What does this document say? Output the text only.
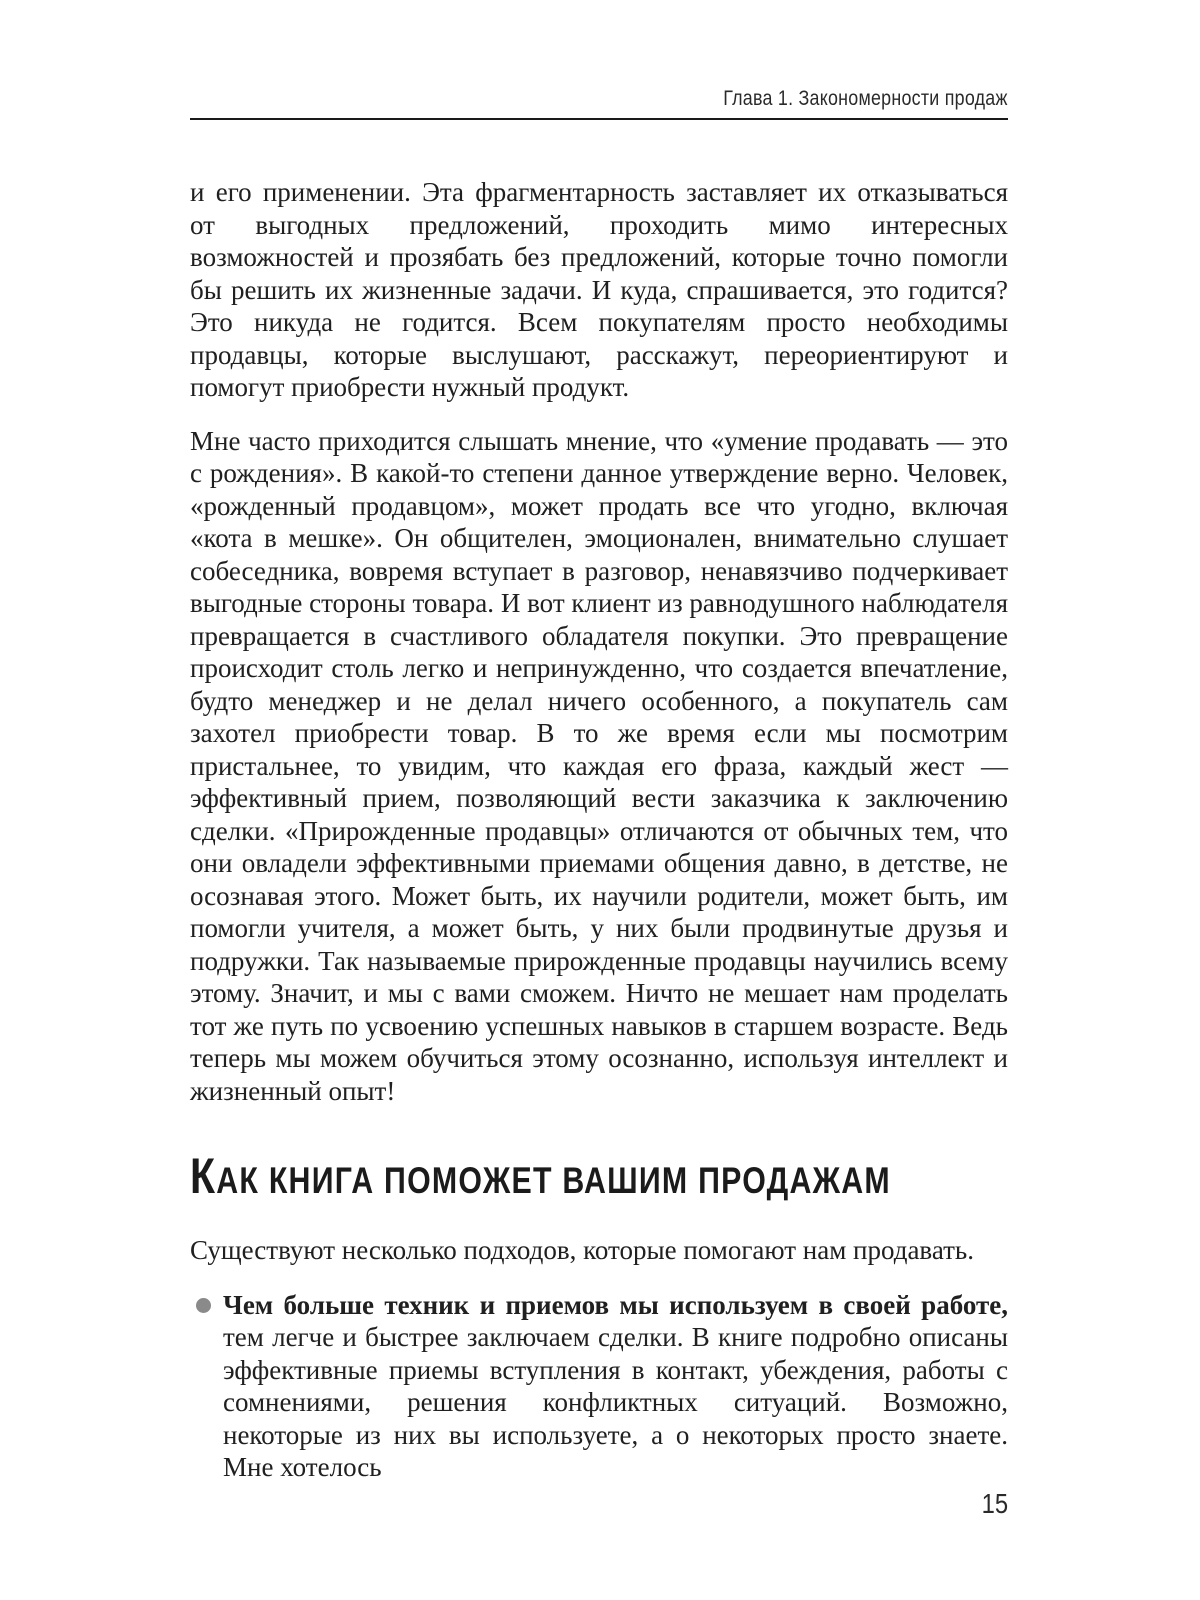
Глава 1. Закономерности продаж

и его применении. Эта фрагментарность заставляет их отказываться от выгодных предложений, проходить мимо интересных возможностей и прозябать без предложений, которые точно помогли бы решить их жизненные задачи. И куда, спрашивается, это годится? Это никуда не годится. Всем покупателям просто необходимы продавцы, которые выслушают, расскажут, переориентируют и помогут приобрести нужный продукт.

Мне часто приходится слышать мнение, что «умение продавать — это с рождения». В какой-то степени данное утверждение верно. Человек, «рожденный продавцом», может продать все что угодно, включая «кота в мешке». Он общителен, эмоционален, внимательно слушает собеседника, вовремя вступает в разговор, ненавязчиво подчеркивает выгодные стороны товара. И вот клиент из равнодушного наблюдателя превращается в счастливого обладателя покупки. Это превращение происходит столь легко и непринужденно, что создается впечатление, будто менеджер и не делал ничего особенного, а покупатель сам захотел приобрести товар. В то же время если мы посмотрим пристальнее, то увидим, что каждая его фраза, каждый жест — эффективный прием, позволяющий вести заказчика к заключению сделки. «Прирожденные продавцы» отличаются от обычных тем, что они овладели эффективными приемами общения давно, в детстве, не осознавая этого. Может быть, их научили родители, может быть, им помогли учителя, а может быть, у них были продвинутые друзья и подружки. Так называемые прирожденные продавцы научились всему этому. Значит, и мы с вами сможем. Ничто не мешает нам проделать тот же путь по усвоению успешных навыков в старшем возрасте. Ведь теперь мы можем обучиться этому осознанно, используя интеллект и жизненный опыт!

КАК КНИГА ПОМОЖЕТ ВАШИМ ПРОДАЖАМ

Существуют несколько подходов, которые помогают нам продавать.

Чем больше техник и приемов мы используем в своей работе, тем легче и быстрее заключаем сделки. В книге подробно описаны эффективные приемы вступления в контакт, убеждения, работы с сомнениями, решения конфликтных ситуаций. Возможно, некоторые из них вы используете, а о некоторых просто знаете. Мне хотелось
15
